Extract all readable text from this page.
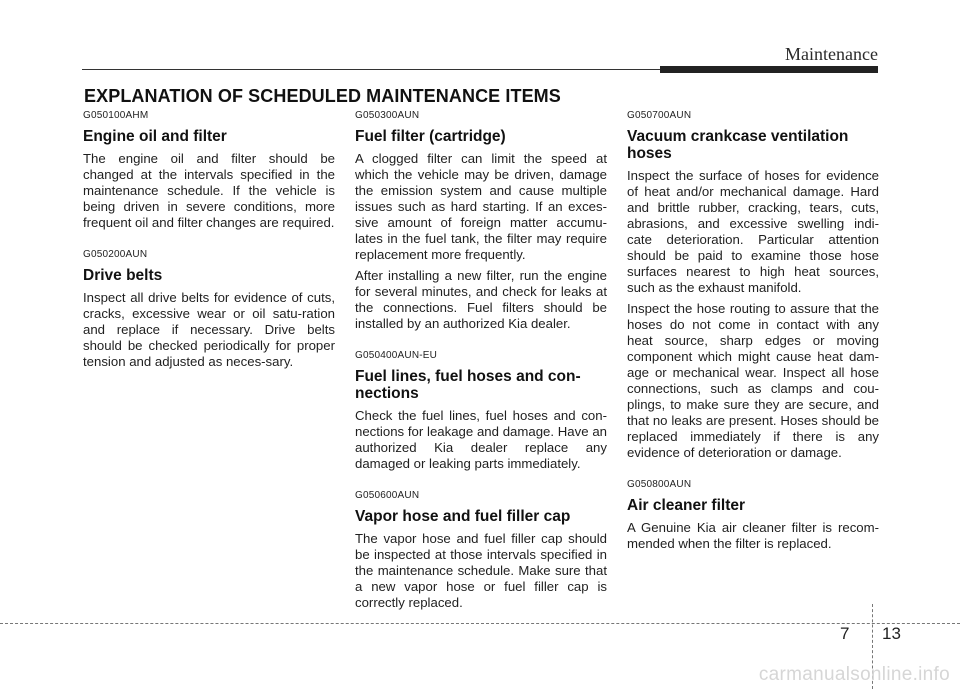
Maintenance
EXPLANATION OF SCHEDULED MAINTENANCE ITEMS
G050100AHM
Engine oil and filter

The engine oil and filter should be changed at the intervals specified in the maintenance schedule. If the vehicle is being driven in severe conditions, more frequent oil and filter changes are required.

G050200AUN
Drive belts

Inspect all drive belts for evidence of cuts, cracks, excessive wear or oil satu-ration and replace if necessary. Drive belts should be checked periodically for proper tension and adjusted as neces-sary.

G050300AUN
Fuel filter (cartridge)

A clogged filter can limit the speed at which the vehicle may be driven, damage the emission system and cause multiple issues such as hard starting. If an exces-sive amount of foreign matter accumu-lates in the fuel tank, the filter may require replacement more frequently.

After installing a new filter, run the engine for several minutes, and check for leaks at the connections. Fuel filters should be installed by an authorized Kia dealer.

G050400AUN-EU
Fuel lines, fuel hoses and con-nections

Check the fuel lines, fuel hoses and con-nections for leakage and damage. Have an authorized Kia dealer replace any damaged or leaking parts immediately.

G050600AUN
Vapor hose and fuel filler cap

The vapor hose and fuel filler cap should be inspected at those intervals specified in the maintenance schedule. Make sure that a new vapor hose or fuel filler cap is correctly replaced.

G050700AUN
Vacuum crankcase ventilation hoses

Inspect the surface of hoses for evidence of heat and/or mechanical damage. Hard and brittle rubber, cracking, tears, cuts, abrasions, and excessive swelling indi-cate deterioration. Particular attention should be paid to examine those hose surfaces nearest to high heat sources, such as the exhaust manifold.

Inspect the hose routing to assure that the hoses do not come in contact with any heat source, sharp edges or moving component which might cause heat dam-age or mechanical wear. Inspect all hose connections, such as clamps and cou-plings, to make sure they are secure, and that no leaks are present. Hoses should be replaced immediately if there is any evidence of deterioration or damage.

G050800AUN
Air cleaner filter

A Genuine Kia air cleaner filter is recom-mended when the filter is replaced.

7 13
carmanualsonline.info
